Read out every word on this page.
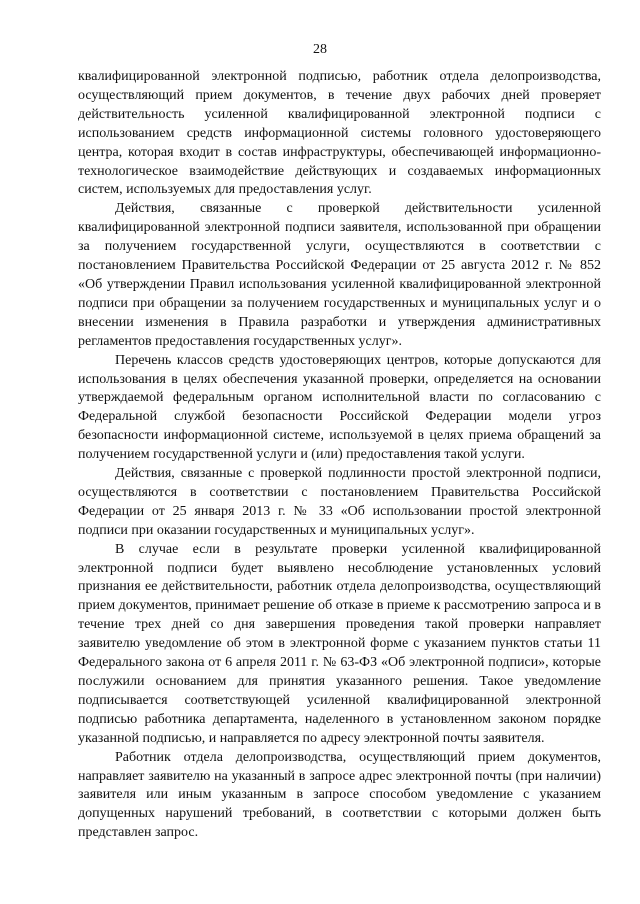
28

квалифицированной электронной подписью, работник отдела делопроизводства, осуществляющий прием документов, в течение двух рабочих дней проверяет действительность усиленной квалифицированной электронной подписи с использованием средств информационной системы головного удостоверяющего центра, которая входит в состав инфраструктуры, обеспечивающей информационно-технологическое взаимодействие действующих и создаваемых информационных систем, используемых для предоставления услуг.

Действия, связанные с проверкой действительности усиленной квалифицированной электронной подписи заявителя, использованной при обращении за получением государственной услуги, осуществляются в соответствии с постановлением Правительства Российской Федерации от 25 августа 2012 г. № 852 «Об утверждении Правил использования усиленной квалифицированной электронной подписи при обращении за получением государственных и муниципальных услуг и о внесении изменения в Правила разработки и утверждения административных регламентов предоставления государственных услуг».

Перечень классов средств удостоверяющих центров, которые допускаются для использования в целях обеспечения указанной проверки, определяется на основании утверждаемой федеральным органом исполнительной власти по согласованию с Федеральной службой безопасности Российской Федерации модели угроз безопасности информационной системе, используемой в целях приема обращений за получением государственной услуги и (или) предоставления такой услуги.

Действия, связанные с проверкой подлинности простой электронной подписи, осуществляются в соответствии с постановлением Правительства Российской Федерации от 25 января 2013 г. № 33 «Об использовании простой электронной подписи при оказании государственных и муниципальных услуг».

В случае если в результате проверки усиленной квалифицированной электронной подписи будет выявлено несоблюдение установленных условий признания ее действительности, работник отдела делопроизводства, осуществляющий прием документов, принимает решение об отказе в приеме к рассмотрению запроса и в течение трех дней со дня завершения проведения такой проверки направляет заявителю уведомление об этом в электронной форме с указанием пунктов статьи 11 Федерального закона от 6 апреля 2011 г. № 63-ФЗ «Об электронной подписи», которые послужили основанием для принятия указанного решения. Такое уведомление подписывается соответствующей усиленной квалифицированной электронной подписью работника департамента, наделенного в установленном законом порядке указанной подписью, и направляется по адресу электронной почты заявителя.

Работник отдела делопроизводства, осуществляющий прием документов, направляет заявителю на указанный в запросе адрес электронной почты (при наличии) заявителя или иным указанным в запросе способом уведомление с указанием допущенных нарушений требований, в соответствии с которыми должен быть представлен запрос.
